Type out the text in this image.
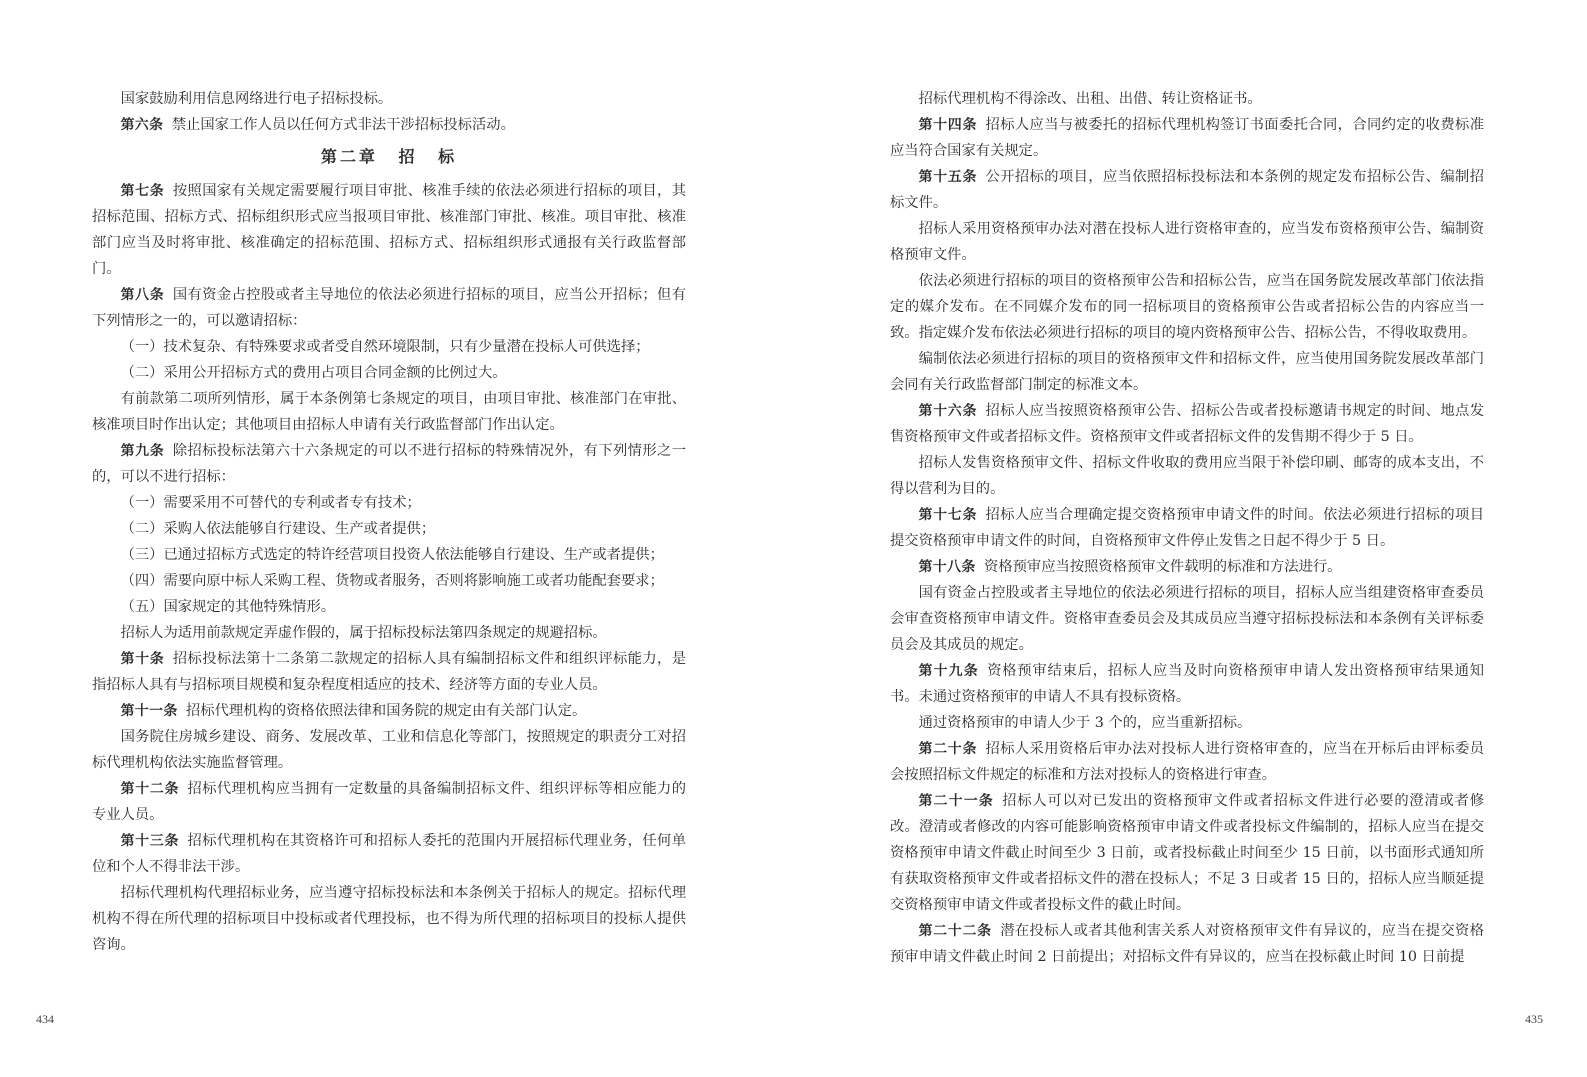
国家鼓励利用信息网络进行电子招标投标。

第六条 禁止国家工作人员以任何方式非法干涉招标投标活动。

第二章 招 标

第七条 按照国家有关规定需要履行项目审批、核准手续的依法必须进行招标的项目，其招标范围、招标方式、招标组织形式应当报项目审批、核准部门审批、核准。项目审批、核准部门应当及时将审批、核准确定的招标范围、招标方式、招标组织形式通报有关行政监督部门。

第八条 国有资金占控股或者主导地位的依法必须进行招标的项目，应当公开招标；但有下列情形之一的，可以邀请招标：

（一）技术复杂、有特殊要求或者受自然环境限制，只有少量潜在投标人可供选择；

（二）采用公开招标方式的费用占项目合同金额的比例过大。

有前款第二项所列情形，属于本条例第七条规定的项目，由项目审批、核准部门在审批、核准项目时作出认定；其他项目由招标人申请有关行政监督部门作出认定。

第九条 除招标投标法第六十六条规定的可以不进行招标的特殊情况外，有下列情形之一的，可以不进行招标：

（一）需要采用不可替代的专利或者专有技术；

（二）采购人依法能够自行建设、生产或者提供；

（三）已通过招标方式选定的特许经营项目投资人依法能够自行建设、生产或者提供；

（四）需要向原中标人采购工程、货物或者服务，否则将影响施工或者功能配套要求；

（五）国家规定的其他特殊情形。

招标人为适用前款规定弄虚作假的，属于招标投标法第四条规定的规避招标。

第十条 招标投标法第十二条第二款规定的招标人具有编制招标文件和组织评标能力，是指招标人具有与招标项目规模和复杂程度相适应的技术、经济等方面的专业人员。

第十一条 招标代理机构的资格依照法律和国务院的规定由有关部门认定。

国务院住房城乡建设、商务、发展改革、工业和信息化等部门，按照规定的职责分工对招标代理机构依法实施监督管理。

第十二条 招标代理机构应当拥有一定数量的具备编制招标文件、组织评标等相应能力的专业人员。

第十三条 招标代理机构在其资格许可和招标人委托的范围内开展招标代理业务，任何单位和个人不得非法干涉。

招标代理机构代理招标业务，应当遵守招标投标法和本条例关于招标人的规定。招标代理机构不得在所代理的招标项目中投标或者代理投标，也不得为所代理的招标项目的投标人提供咨询。

434

招标代理机构不得涂改、出租、出借、转让资格证书。

第十四条 招标人应当与被委托的招标代理机构签订书面委托合同，合同约定的收费标准应当符合国家有关规定。

第十五条 公开招标的项目，应当依照招标投标法和本条例的规定发布招标公告、编制招标文件。

招标人采用资格预审办法对潜在投标人进行资格审查的，应当发布资格预审公告、编制资格预审文件。

依法必须进行招标的项目的资格预审公告和招标公告，应当在国务院发展改革部门依法指定的媒介发布。在不同媒介发布的同一招标项目的资格预审公告或者招标公告的内容应当一致。指定媒介发布依法必须进行招标的项目的境内资格预审公告、招标公告，不得收取费用。

编制依法必须进行招标的项目的资格预审文件和招标文件，应当使用国务院发展改革部门会同有关行政监督部门制定的标准文本。

第十六条 招标人应当按照资格预审公告、招标公告或者投标邀请书规定的时间、地点发售资格预审文件或者招标文件。资格预审文件或者招标文件的发售期不得少于 5 日。

招标人发售资格预审文件、招标文件收取的费用应当限于补偿印刷、邮寄的成本支出，不得以营利为目的。

第十七条 招标人应当合理确定提交资格预审申请文件的时间。依法必须进行招标的项目提交资格预审申请文件的时间，自资格预审文件停止发售之日起不得少于 5 日。

第十八条 资格预审应当按照资格预审文件载明的标准和方法进行。

国有资金占控股或者主导地位的依法必须进行招标的项目，招标人应当组建资格审查委员会审查资格预审申请文件。资格审查委员会及其成员应当遵守招标投标法和本条例有关评标委员会及其成员的规定。

第十九条 资格预审结束后，招标人应当及时向资格预审申请人发出资格预审结果通知书。未通过资格预审的申请人不具有投标资格。

通过资格预审的申请人少于 3 个的，应当重新招标。

第二十条 招标人采用资格后审办法对投标人进行资格审查的，应当在开标后由评标委员会按照招标文件规定的标准和方法对投标人的资格进行审查。

第二十一条 招标人可以对已发出的资格预审文件或者招标文件进行必要的澄清或者修改。澄清或者修改的内容可能影响资格预审申请文件或者投标文件编制的，招标人应当在提交资格预审申请文件截止时间至少 3 日前，或者投标截止时间至少 15 日前，以书面形式通知所有获取资格预审文件或者招标文件的潜在投标人；不足 3 日或者 15 日的，招标人应当顺延提交资格预审申请文件或者投标文件的截止时间。

第二十二条 潜在投标人或者其他利害关系人对资格预审文件有异议的，应当在提交资格预审申请文件截止时间 2 日前提出；对招标文件有异议的，应当在投标截止时间 10 日前提

435
